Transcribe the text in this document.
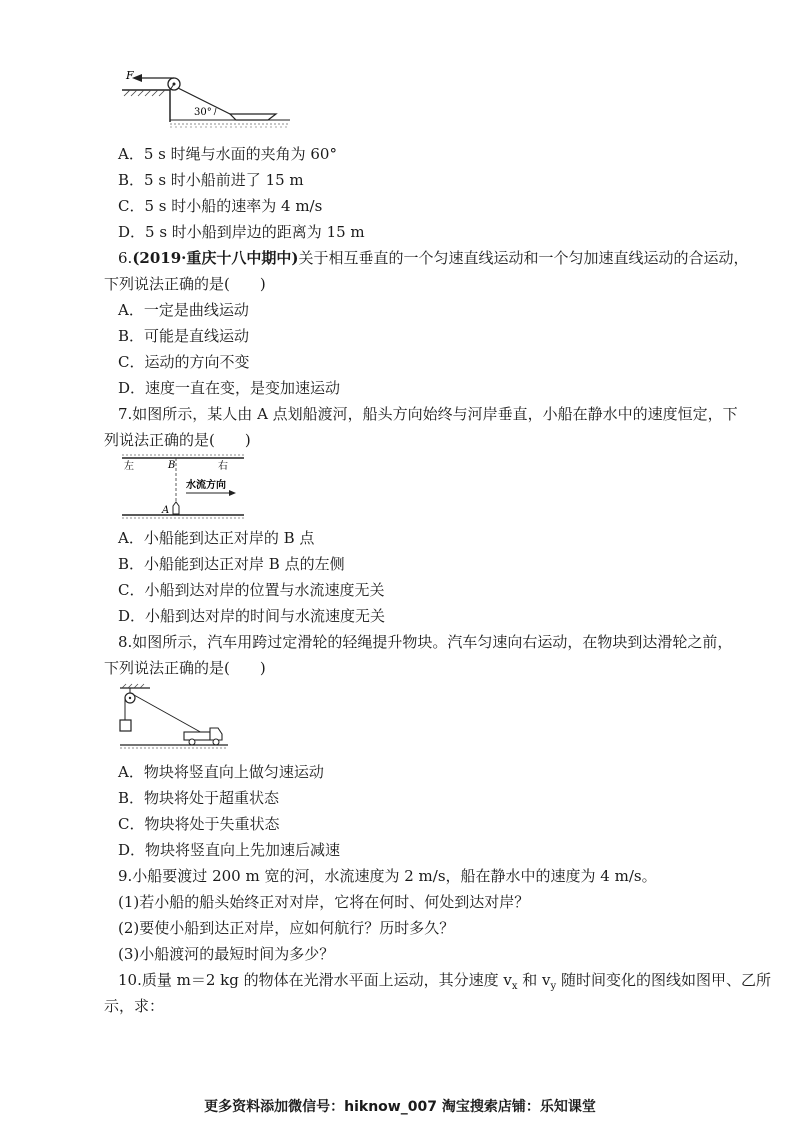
F
30°
A．5 s 时绳与水面的夹角为 60°
B．5 s 时小船前进了 15 m
C．5 s 时小船的速率为 4 m/s
D．5 s 时小船到岸边的距离为 15 m
6.(2019·重庆十八中期中)关于相互垂直的一个匀速直线运动和一个匀加速直线运动的合运动，
下列说法正确的是(　　)
A．一定是曲线运动
B．可能是直线运动
C．运动的方向不变
D．速度一直在变，是变加速运动
7.如图所示，某人由 A 点划船渡河，船头方向始终与河岸垂直，小船在静水中的速度恒定，下
列说法正确的是(　　)
左	右
B
水流方向
A
A．小船能到达正对岸的 B 点
B．小船能到达正对岸 B 点的左侧
C．小船到达对岸的位置与水流速度无关
D．小船到达对岸的时间与水流速度无关
8.如图所示，汽车用跨过定滑轮的轻绳提升物块。汽车匀速向右运动，在物块到达滑轮之前，
下列说法正确的是(　　)
A．物块将竖直向上做匀速运动
B．物块将处于超重状态
C．物块将处于失重状态
D．物块将竖直向上先加速后减速
9.小船要渡过 200 m 宽的河，水流速度为 2 m/s，船在静水中的速度为 4 m/s。
(1)若小船的船头始终正对对岸，它将在何时、何处到达对岸？
(2)要使小船到达正对岸，应如何航行？历时多久？
(3)小船渡河的最短时间为多少？
10.质量 m＝2 kg 的物体在光滑水平面上运动，其分速度 $v_x$ 和 $v_y$ 随时间变化的图线如图甲、乙所
示，求：
更多资料添加微信号：hiknow_007 淘宝搜索店铺：乐知课堂
